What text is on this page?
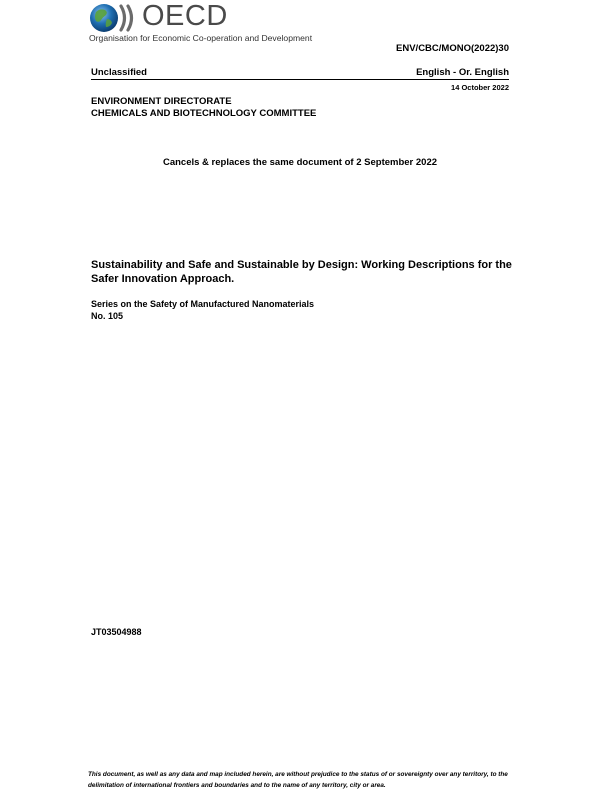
OECD
Organisation for Economic Co-operation and Development
ENV/CBC/MONO(2022)30
Unclassified	English - Or. English
14 October 2022
ENVIRONMENT DIRECTORATE
CHEMICALS AND BIOTECHNOLOGY COMMITTEE
Cancels & replaces the same document of 2 September 2022
Sustainability and Safe and Sustainable by Design: Working Descriptions for the Safer Innovation Approach.
Series on the Safety of Manufactured Nanomaterials
No. 105
JT03504988
This document, as well as any data and map included herein, are without prejudice to the status of or sovereignty over any territory, to the delimitation of international frontiers and boundaries and to the name of any territory, city or area.
